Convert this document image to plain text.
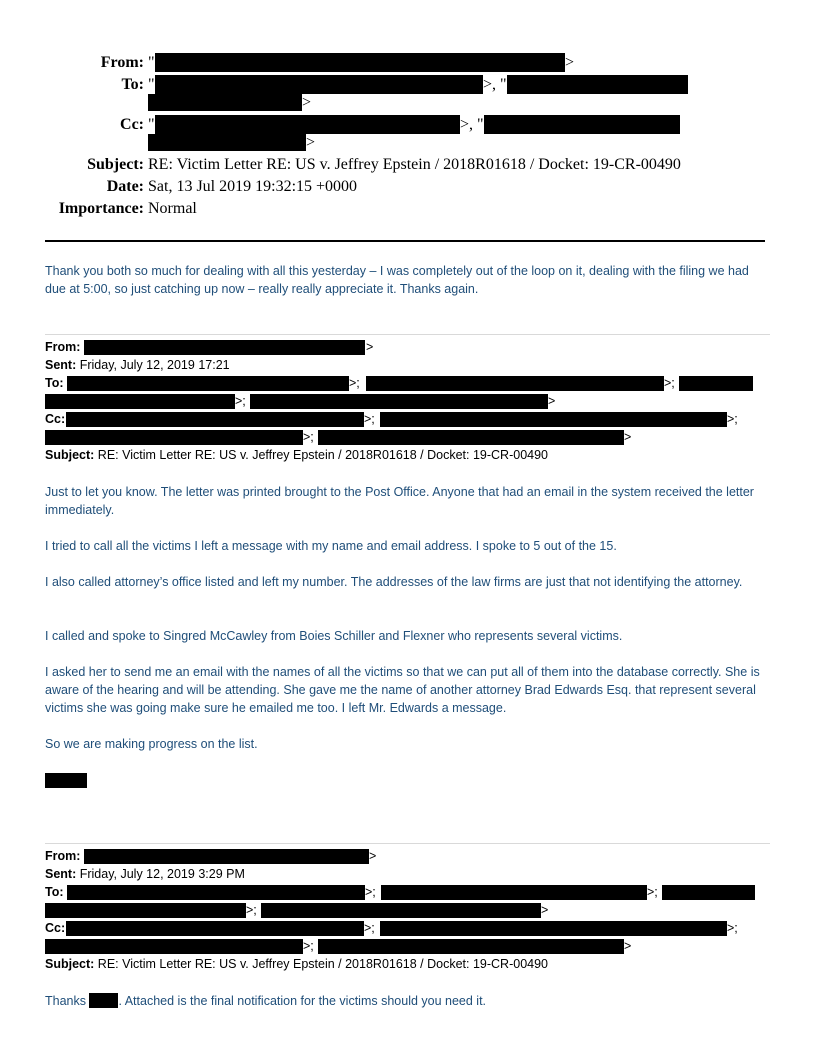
From: "	>
To: "	>, "
>
Cc: "	>, "
>
Subject: RE: Victim Letter RE: US v. Jeffrey Epstein / 2018R01618 / Docket: 19-CR-00490
Date: Sat, 13 Jul 2019 19:32:15 +0000
Importance: Normal
Thank you both so much for dealing with all this yesterday – I was completely out of the loop on it, dealing with the filing we had due at 5:00, so just catching up now – really really appreciate it. Thanks again.
From:	>
Sent: Friday, July 12, 2019 17:21
To:	>;	>;
>;	>
Cc:	>;	>;
>;	>
Subject: RE: Victim Letter RE: US v. Jeffrey Epstein / 2018R01618 / Docket: 19-CR-00490
Just to let you know. The letter was printed brought to the Post Office. Anyone that had an email in the system received the letter immediately.
I tried to call all the victims I left a message with my name and email address. I spoke to 5 out of the 15.
I also called attorney’s office listed and left my number. The addresses of the law firms are just that not identifying the attorney.
I called and spoke to Singred McCawley from Boies Schiller and Flexner who represents several victims.
I asked her to send me an email with the names of all the victims so that we can put all of them into the database correctly. She is aware of the hearing and will be attending. She gave me the name of another attorney Brad Edwards Esq. that represent several victims she was going make sure he emailed me too. I left Mr. Edwards a message.
So we are making progress on the list.
From:	>
Sent: Friday, July 12, 2019 3:29 PM
To:	>;	>;
>;	>
Cc:	>;	>;
>;	>
Subject: RE: Victim Letter RE: US v. Jeffrey Epstein / 2018R01618 / Docket: 19-CR-00490
Thanks . Attached is the final notification for the victims should you need it.
